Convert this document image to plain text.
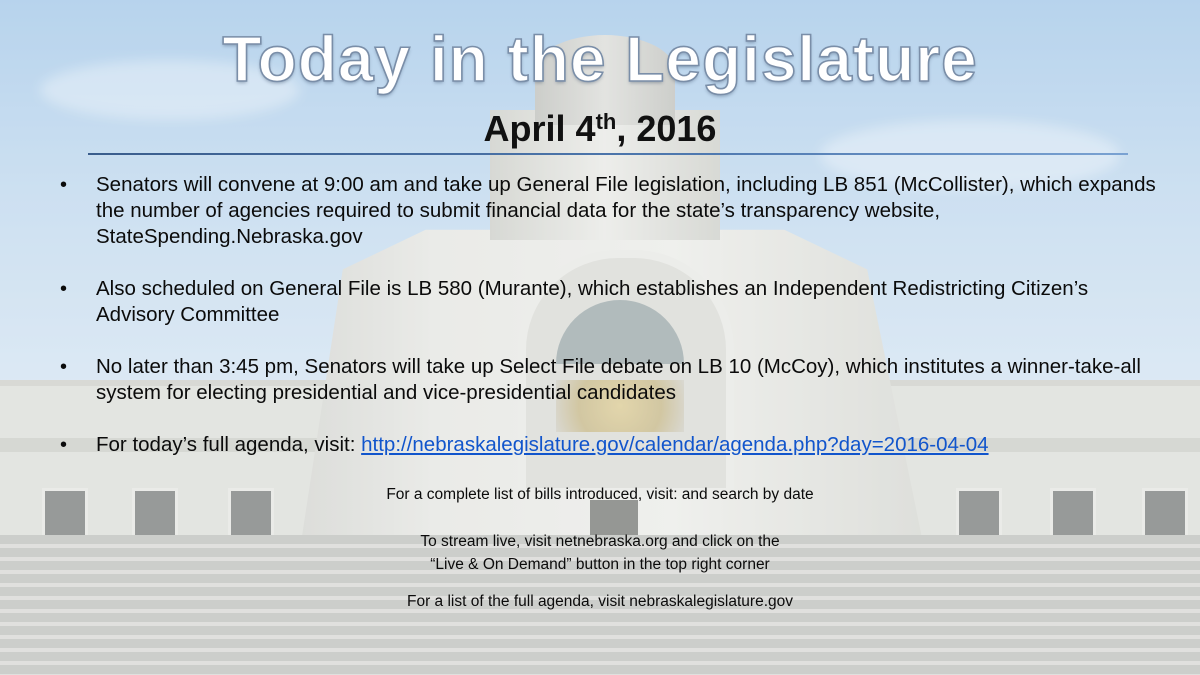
Today in the Legislature
April 4th, 2016
•	Senators will convene at 9:00 am and take up General File legislation, including LB 851 (McCollister), which expands the number of agencies required to submit financial data for the state’s transparency website, StateSpending.Nebraska.gov
•	Also scheduled on General File is LB 580 (Murante), which establishes an Independent Redistricting Citizen’s Advisory Committee
•	No later than 3:45 pm, Senators will take up Select File debate on LB 10 (McCoy), which institutes a winner-take-all system for electing presidential and vice-presidential candidates
•	For today’s full agenda, visit: http://nebraskalegislature.gov/calendar/agenda.php?day=2016-04-04

For a complete list of bills introduced, visit: and search by date

To stream live, visit netnebraska.org and click on the

“Live & On Demand” button in the top right corner

For a list of the full agenda, visit nebraskalegislature.gov
